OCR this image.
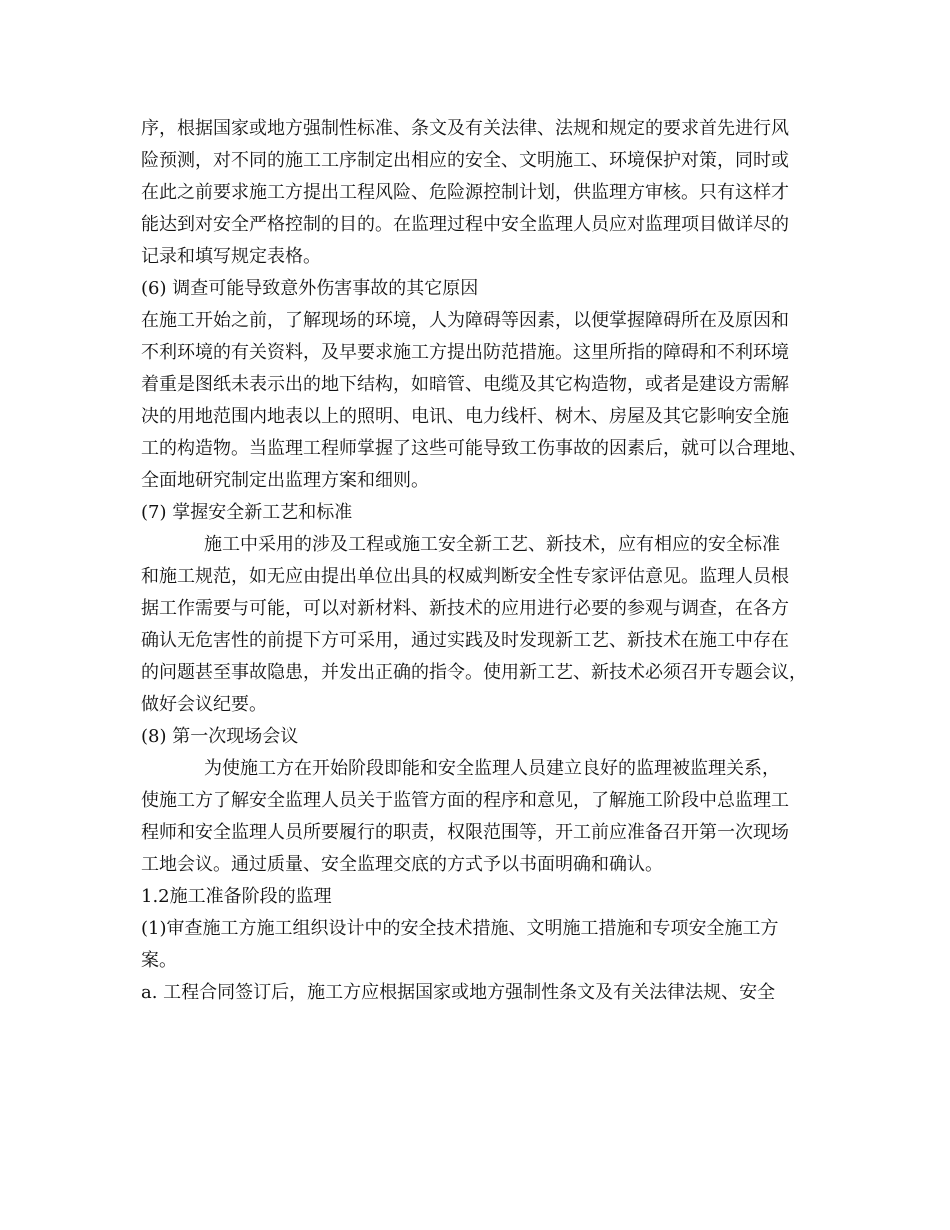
序，根据国家或地方强制性标准、条文及有关法律、法规和规定的要求首先进行风
险预测，对不同的施工工序制定出相应的安全、文明施工、环境保护对策，同时或
在此之前要求施工方提出工程风险、危险源控制计划，供监理方审核。只有这样才
能达到对安全严格控制的目的。在监理过程中安全监理人员应对监理项目做详尽的
记录和填写规定表格。
(6) 调查可能导致意外伤害事故的其它原因
在施工开始之前，了解现场的环境，人为障碍等因素，以便掌握障碍所在及原因和
不利环境的有关资料，及早要求施工方提出防范措施。这里所指的障碍和不利环境
着重是图纸未表示出的地下结构，如暗管、电缆及其它构造物，或者是建设方需解
决的用地范围内地表以上的照明、电讯、电力线杆、树木、房屋及其它影响安全施
工的构造物。当监理工程师掌握了这些可能导致工伤事故的因素后，就可以合理地、
全面地研究制定出监理方案和细则。
(7) 掌握安全新工艺和标准
施工中采用的涉及工程或施工安全新工艺、新技术，应有相应的安全标准
和施工规范，如无应由提出单位出具的权威判断安全性专家评估意见。监理人员根
据工作需要与可能，可以对新材料、新技术的应用进行必要的参观与调查，在各方
确认无危害性的前提下方可采用，通过实践及时发现新工艺、新技术在施工中存在
的问题甚至事故隐患，并发出正确的指令。使用新工艺、新技术必须召开专题会议，
做好会议纪要。
(8) 第一次现场会议
为使施工方在开始阶段即能和安全监理人员建立良好的监理被监理关系，
使施工方了解安全监理人员关于监管方面的程序和意见，了解施工阶段中总监理工
程师和安全监理人员所要履行的职责，权限范围等，开工前应准备召开第一次现场
工地会议。通过质量、安全监理交底的方式予以书面明确和确认。
1.2施工准备阶段的监理
(1)审查施工方施工组织设计中的安全技术措施、文明施工措施和专项安全施工方
案。
a. 工程合同签订后，施工方应根据国家或地方强制性条文及有关法律法规、安全
